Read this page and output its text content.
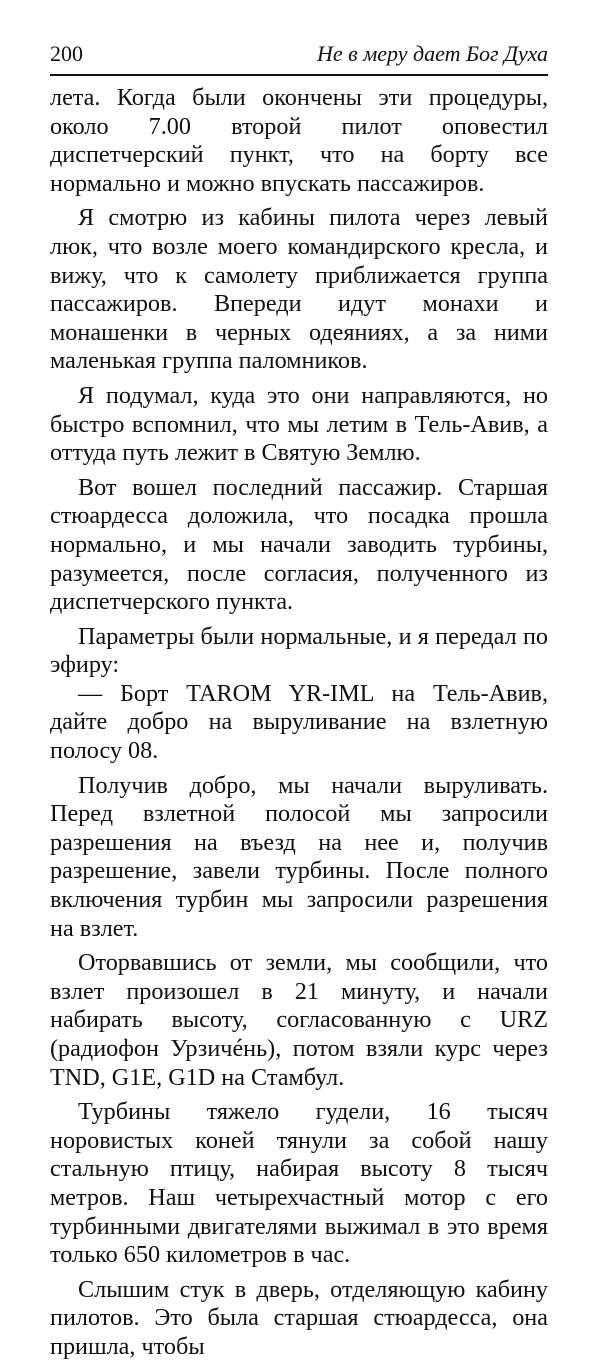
200	Не в меру дает Бог Духа

лета. Когда были окончены эти процедуры, около 7.00 второй пилот оповестил диспетчерский пункт, что на борту все нормально и можно впускать пассажиров.

Я смотрю из кабины пилота через левый люк, что возле моего командирского кресла, и вижу, что к самолету приближается группа пассажиров. Впереди идут монахи и монашенки в черных одеяниях, а за ними маленькая группа паломников.

Я подумал, куда это они направляются, но быстро вспомнил, что мы летим в Тель-Авив, а оттуда путь лежит в Святую Землю.

Вот вошел последний пассажир. Старшая стюардесса доложила, что посадка прошла нормально, и мы начали заводить турбины, разумеется, после согласия, полученного из диспетчерского пункта.

Параметры были нормальные, и я передал по эфиру:

— Борт TAROM YR-IML на Тель-Авив, дайте добро на выруливание на взлетную полосу 08.

Получив добро, мы начали выруливать. Перед взлетной полосой мы запросили разрешения на въезд на нее и, получив разрешение, завели турбины. После полного включения турбин мы запросили разрешения на взлет.

Оторвавшись от земли, мы сообщили, что взлет произошел в 21 минуту, и начали набирать высоту, согласованную с URZ (радиофон Урзичéнь), потом взяли курс через TND, G1E, G1D на Стамбул.

Турбины тяжело гудели, 16 тысяч норовистых коней тянули за собой нашу стальную птицу, набирая высоту 8 тысяч метров. Наш четырехчастный мотор с его турбинными двигателями выжимал в это время только 650 километров в час.

Слышим стук в дверь, отделяющую кабину пилотов. Это была старшая стюардесса, она пришла, чтобы
